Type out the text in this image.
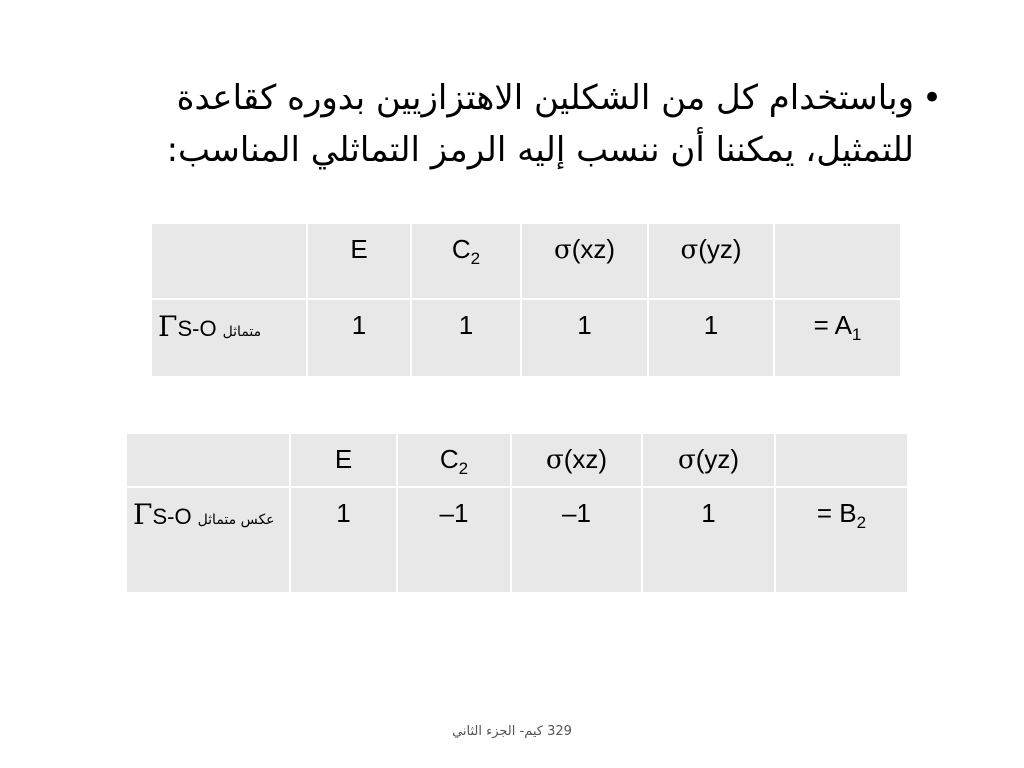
•وباستخدام كل من الشكلين الاهتزازيين بدوره كقاعدة
للتمثيل، يمكننا أن ننسب إليه الرمز التماثلي المناسب:
	E	$C_2$	σ(xz)	σ(yz)	
ΓS-O متماثل	1	1	1	1	= $A_1$
	E	$C_2$	σ(xz)	σ(yz)	
ΓS-O عكس متماثل	1	–1	–1	1	= $B_2$
329 كيم- الجزء الثاني
